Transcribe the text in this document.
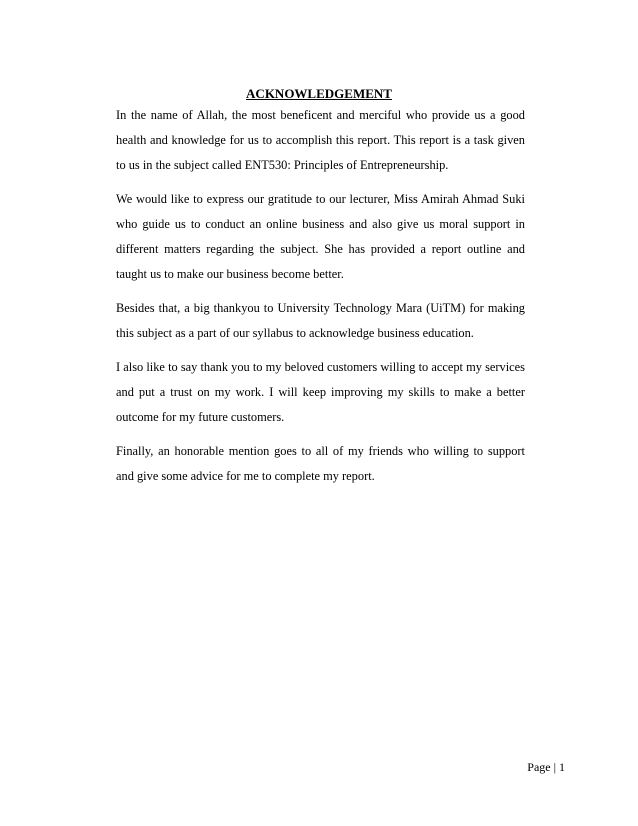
ACKNOWLEDGEMENT

In the name of Allah, the most beneficent and merciful who provide us a good health and knowledge for us to accomplish this report. This report is a task given to us in the subject called ENT530: Principles of Entrepreneurship.

We would like to express our gratitude to our lecturer, Miss Amirah Ahmad Suki who guide us to conduct an online business and also give us moral support in different matters regarding the subject. She has provided a report outline and taught us to make our business become better.

Besides that, a big thankyou to University Technology Mara (UiTM) for making this subject as a part of our syllabus to acknowledge business education.

I also like to say thank you to my beloved customers willing to accept my services and put a trust on my work. I will keep improving my skills to make a better outcome for my future customers.

Finally, an honorable mention goes to all of my friends who willing to support and give some advice for me to complete my report.

Page | 1
